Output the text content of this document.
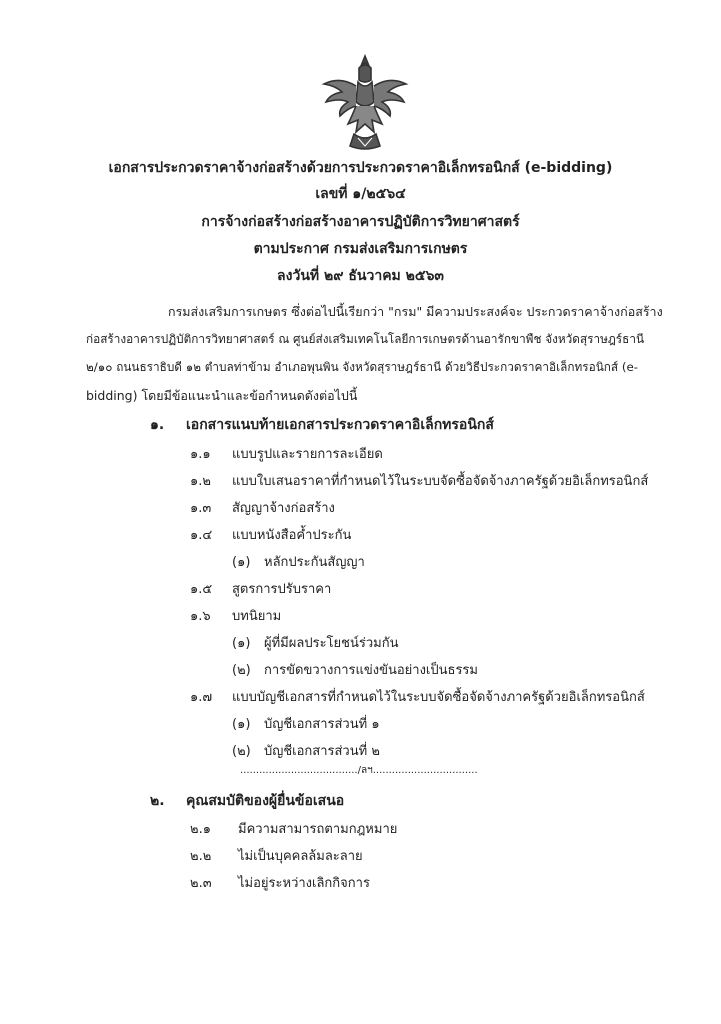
เอกสารประกวดราคาจ้างก่อสร้างด้วยการประกวดราคาอิเล็กทรอนิกส์ (e-bidding)
เลขที่ ๑/๒๕๖๔
การจ้างก่อสร้างก่อสร้างอาคารปฏิบัติการวิทยาศาสตร์
ตามประกาศ กรมส่งเสริมการเกษตร
ลงวันที่ ๒๙ ธันวาคม ๒๕๖๓
กรมส่งเสริมการเกษตร ซึ่งต่อไปนี้เรียกว่า "กรม" มีความประสงค์จะ ประกวดราคาจ้างก่อสร้าง
ก่อสร้างอาคารปฏิบัติการวิทยาศาสตร์ ณ ศูนย์ส่งเสริมเทคโนโลยีการเกษตรด้านอารักขาพืช จังหวัดสุราษฎร์ธานี
๒/๑๐ ถนนธราธิบดี ๑๒ ตำบลท่าข้าม อำเภอพุนพิน จังหวัดสุราษฎร์ธานี ด้วยวิธีประกวดราคาอิเล็กทรอนิกส์ (e-
bidding) โดยมีข้อแนะนำและข้อกำหนดดังต่อไปนี้
๑. เอกสารแนบท้ายเอกสารประกวดราคาอิเล็กทรอนิกส์
๑.๑ แบบรูปและรายการละเอียด
๑.๒ แบบใบเสนอราคาที่กำหนดไว้ในระบบจัดซื้อจัดจ้างภาครัฐด้วยอิเล็กทรอนิกส์
๑.๓ สัญญาจ้างก่อสร้าง
๑.๔ แบบหนังสือค้ำประกัน
(๑) หลักประกันสัญญา
๑.๕ สูตรการปรับราคา
๑.๖ บทนิยาม
(๑) ผู้ที่มีผลประโยชน์ร่วมกัน
(๒) การขัดขวางการแข่งขันอย่างเป็นธรรม
๑.๗ แบบบัญชีเอกสารที่กำหนดไว้ในระบบจัดซื้อจัดจ้างภาครัฐด้วยอิเล็กทรอนิกส์
(๑) บัญชีเอกสารส่วนที่ ๑
(๒) บัญชีเอกสารส่วนที่ ๒
...................................../ลฯ.................................
๒. คุณสมบัติของผู้ยื่นข้อเสนอ
๒.๑ มีความสามารถตามกฎหมาย
๒.๒ ไม่เป็นบุคคลล้มละลาย
๒.๓ ไม่อยู่ระหว่างเลิกกิจการ
